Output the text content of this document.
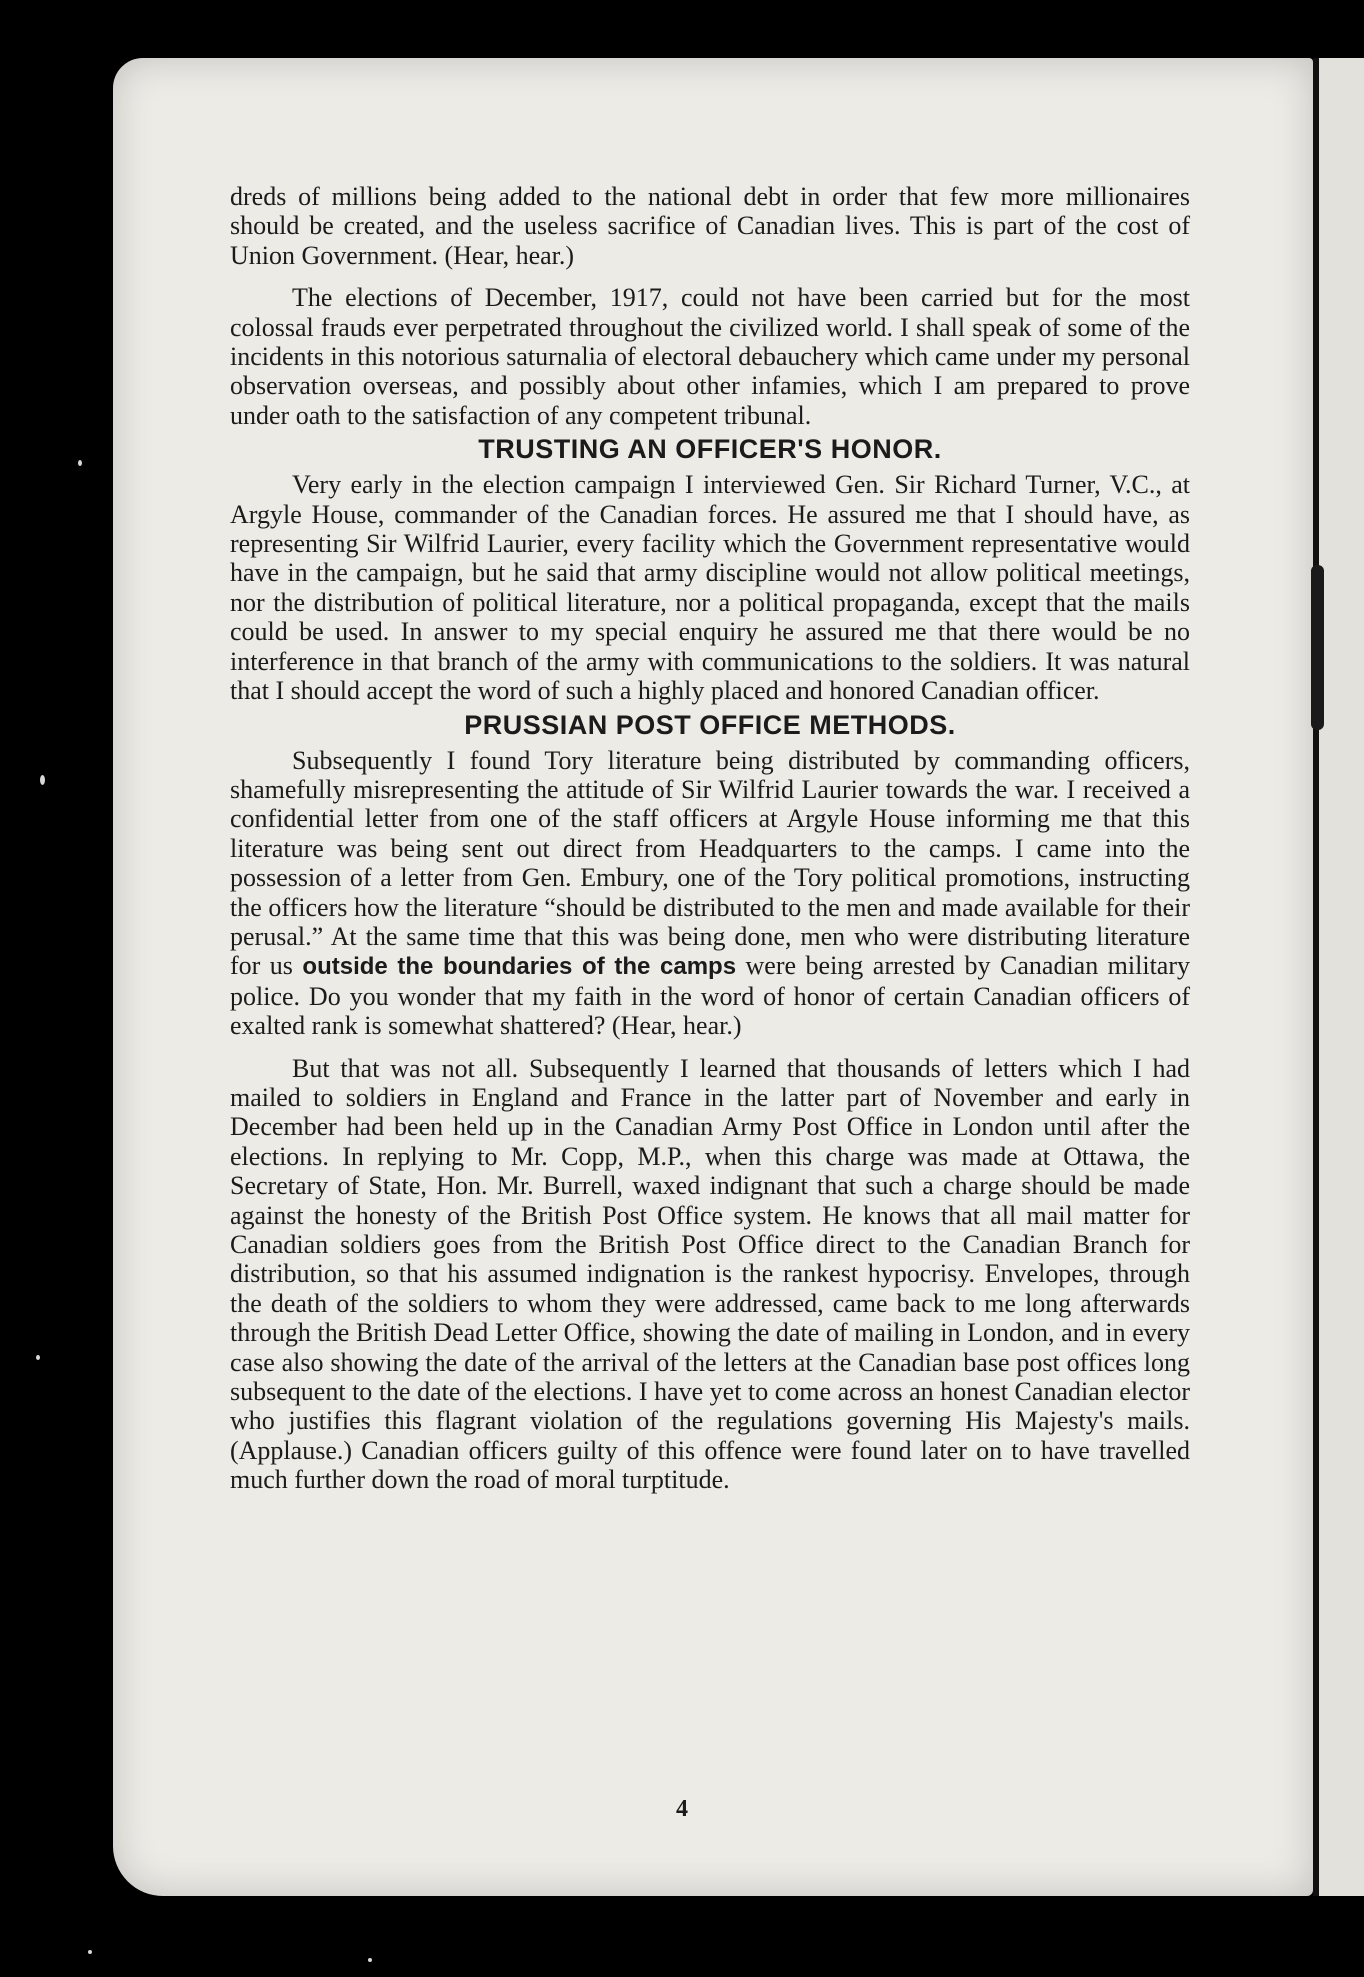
dreds of millions being added to the national debt in order that few more millionaires should be created, and the useless sacrifice of Canadian lives. This is part of the cost of Union Government. (Hear, hear.)

The elections of December, 1917, could not have been carried but for the most colossal frauds ever perpetrated throughout the civilized world. I shall speak of some of the incidents in this notorious saturnalia of electoral debauchery which came under my personal observation overseas, and possibly about other infamies, which I am prepared to prove under oath to the satisfaction of any competent tribunal.

TRUSTING AN OFFICER'S HONOR.

Very early in the election campaign I interviewed Gen. Sir Richard Turner, V.C., at Argyle House, commander of the Canadian forces. He assured me that I should have, as representing Sir Wilfrid Laurier, every facility which the Government representative would have in the campaign, but he said that army discipline would not allow political meetings, nor the distribution of political literature, nor a political propaganda, except that the mails could be used. In answer to my special enquiry he assured me that there would be no interference in that branch of the army with communications to the soldiers. It was natural that I should accept the word of such a highly placed and honored Canadian officer.

PRUSSIAN POST OFFICE METHODS.

Subsequently I found Tory literature being distributed by commanding officers, shamefully misrepresenting the attitude of Sir Wilfrid Laurier towards the war. I received a confidential letter from one of the staff officers at Argyle House informing me that this literature was being sent out direct from Headquarters to the camps. I came into the possession of a letter from Gen. Embury, one of the Tory political promotions, instructing the officers how the literature “should be distributed to the men and made available for their perusal.” At the same time that this was being done, men who were distributing literature for us outside the boundaries of the camps were being arrested by Canadian military police. Do you wonder that my faith in the word of honor of certain Canadian officers of exalted rank is somewhat shattered? (Hear, hear.)

But that was not all. Subsequently I learned that thousands of letters which I had mailed to soldiers in England and France in the latter part of November and early in December had been held up in the Canadian Army Post Office in London until after the elections. In replying to Mr. Copp, M.P., when this charge was made at Ottawa, the Secretary of State, Hon. Mr. Burrell, waxed indignant that such a charge should be made against the honesty of the British Post Office system. He knows that all mail matter for Canadian soldiers goes from the British Post Office direct to the Canadian Branch for distribution, so that his assumed indignation is the rankest hypocrisy. Envelopes, through the death of the soldiers to whom they were addressed, came back to me long afterwards through the British Dead Letter Office, showing the date of mailing in London, and in every case also showing the date of the arrival of the letters at the Canadian base post offices long subsequent to the date of the elections. I have yet to come across an honest Canadian elector who justifies this flagrant violation of the regulations governing His Majesty's mails. (Applause.) Canadian officers guilty of this offence were found later on to have travelled much further down the road of moral turptitude.

4
